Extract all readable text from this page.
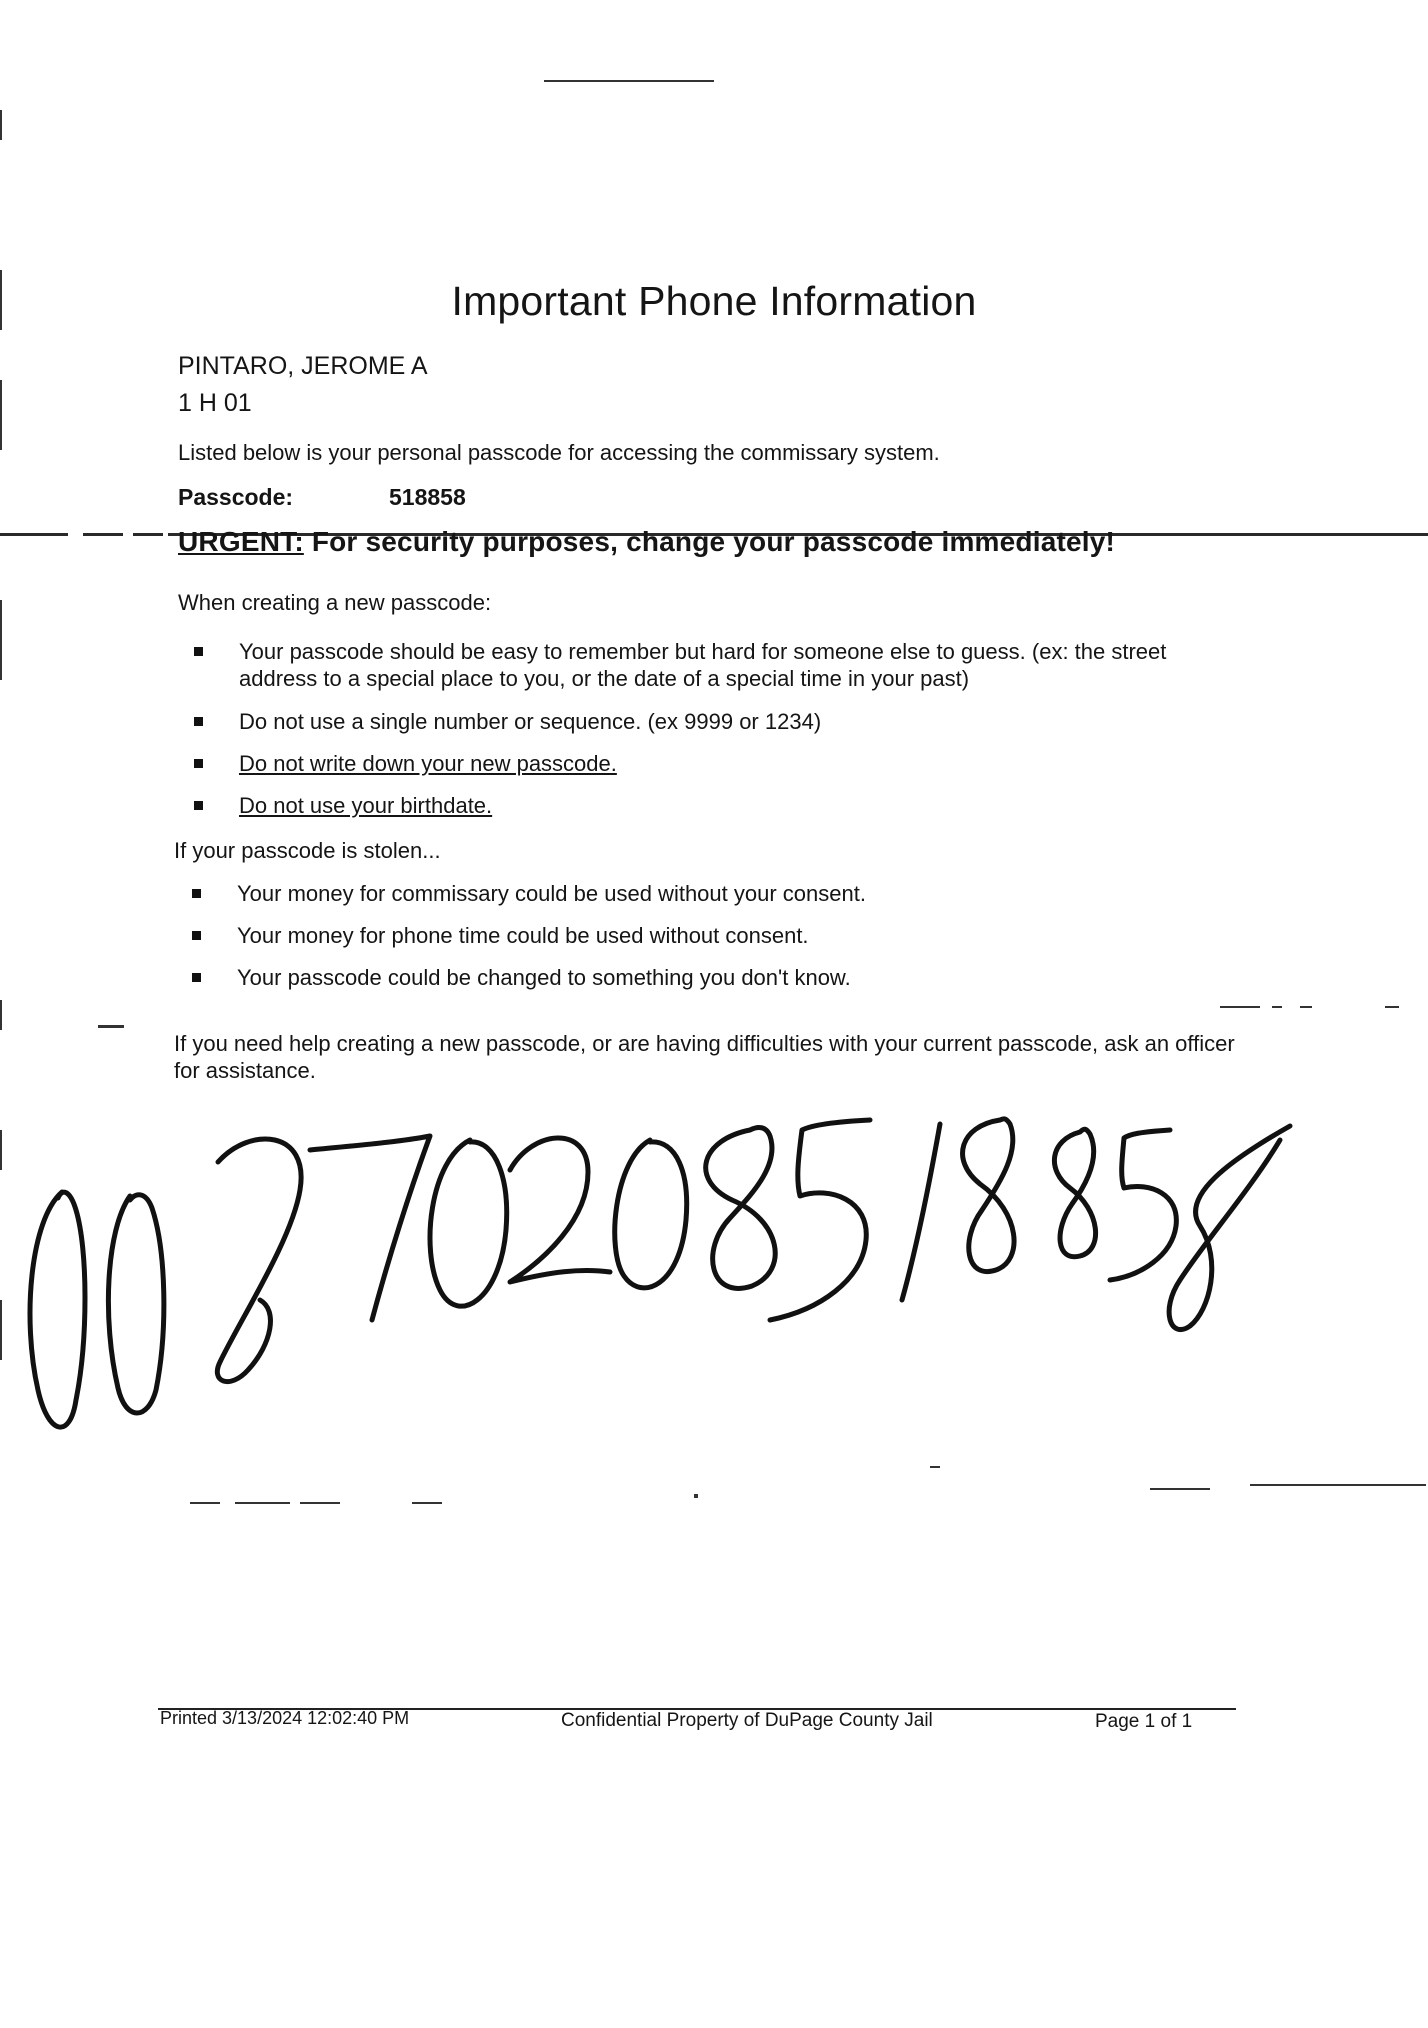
Important Phone Information
PINTARO, JEROME A
1 H 01
Listed below is your personal passcode for accessing the commissary system.
Passcode:	518858
URGENT: For security purposes, change your passcode immediately!
When creating a new passcode:
Your passcode should be easy to remember but hard for someone else to guess. (ex: the street address to a special place to you, or the date of a special time in your past)
Do not use a single number or sequence. (ex 9999 or 1234)
Do not write down your new passcode.
Do not use your birthdate.
If your passcode is stolen...
Your money for commissary could be used without your consent.
Your money for phone time could be used without consent.
Your passcode could be changed to something you don't know.
If you need help creating a new passcode, or are having difficulties with your current passcode, ask an officer for assistance.
0027020851 8858
Printed 3/13/2024 12:02:40 PM	Confidential Property of DuPage County Jail	Page 1 of 1
